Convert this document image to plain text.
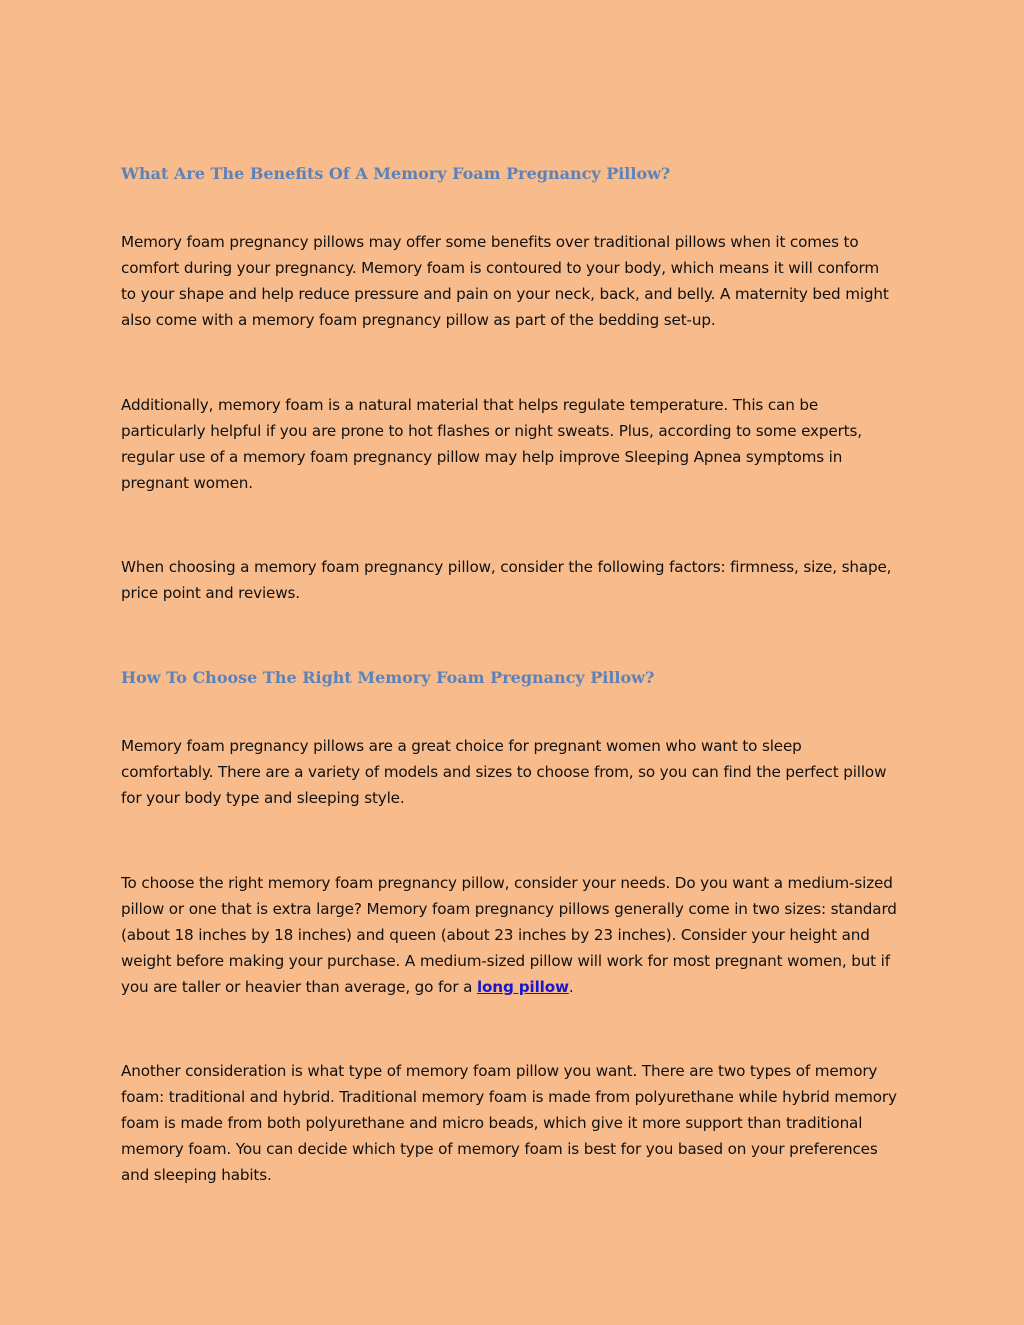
What Are The Benefits Of A Memory Foam Pregnancy Pillow?

Memory foam pregnancy pillows may offer some benefits over traditional pillows when it comes to
comfort during your pregnancy. Memory foam is contoured to your body, which means it will conform
to your shape and help reduce pressure and pain on your neck, back, and belly. A maternity bed might
also come with a memory foam pregnancy pillow as part of the bedding set-up.

Additionally, memory foam is a natural material that helps regulate temperature. This can be
particularly helpful if you are prone to hot flashes or night sweats. Plus, according to some experts,
regular use of a memory foam pregnancy pillow may help improve Sleeping Apnea symptoms in
pregnant women.

When choosing a memory foam pregnancy pillow, consider the following factors: firmness, size, shape,
price point and reviews.

How To Choose The Right Memory Foam Pregnancy Pillow?

Memory foam pregnancy pillows are a great choice for pregnant women who want to sleep
comfortably. There are a variety of models and sizes to choose from, so you can find the perfect pillow
for your body type and sleeping style.

To choose the right memory foam pregnancy pillow, consider your needs. Do you want a medium-sized
pillow or one that is extra large? Memory foam pregnancy pillows generally come in two sizes: standard
(about 18 inches by 18 inches) and queen (about 23 inches by 23 inches). Consider your height and
weight before making your purchase. A medium-sized pillow will work for most pregnant women, but if
you are taller or heavier than average, go for a long pillow.

Another consideration is what type of memory foam pillow you want. There are two types of memory
foam: traditional and hybrid. Traditional memory foam is made from polyurethane while hybrid memory
foam is made from both polyurethane and micro beads, which give it more support than traditional
memory foam. You can decide which type of memory foam is best for you based on your preferences
and sleeping habits.
